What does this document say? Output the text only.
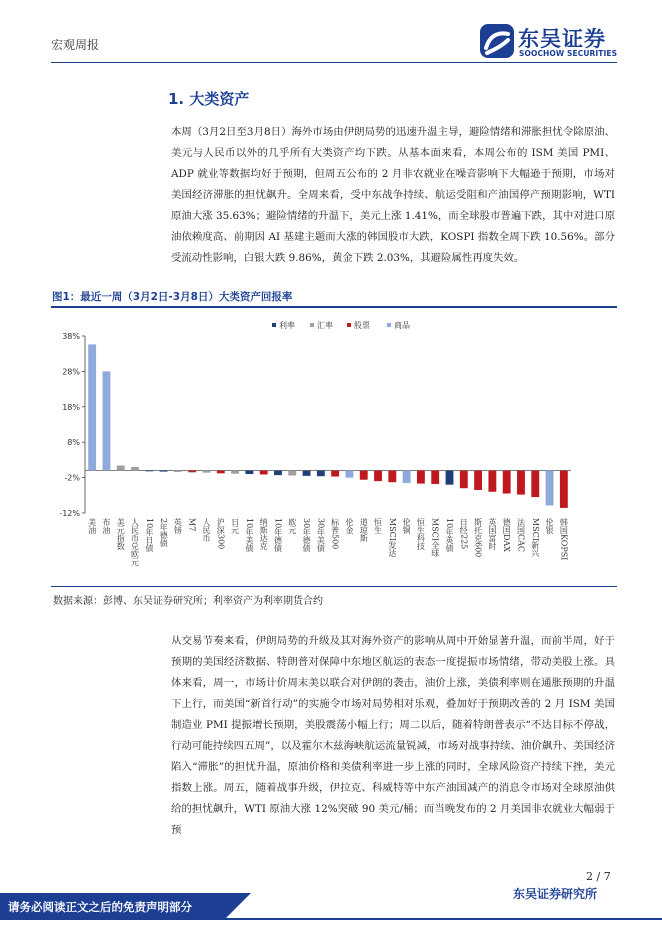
宏观周报	东吴证券
SOOCHOW SECURITIES
1. 大类资产
本周（3月2日至3月8日）海外市场由伊朗局势的迅速升温主导，避险情绪和滞胀担忧令除原油、美元与人民币以外的几乎所有大类资产均下跌。从基本面来看，本周公布的 ISM 美国 PMI、ADP 就业等数据均好于预期，但周五公布的 2 月非农就业在噪音影响下大幅逊于预期，市场对美国经济滞胀的担忧飙升。全周来看，受中东战争持续、航运受阻和产油国停产预期影响，WTI 原油大涨 35.63%；避险情绪的升温下，美元上涨 1.41%，而全球股市普遍下跌，其中对进口原油依赖度高、前期因 AI 基建主题而大涨的韩国股市大跌，KOSPI 指数全周下跌 10.56%。部分受流动性影响，白银大跌 9.86%，黄金下跌 2.03%，其避险属性再度失效。
图1：最近一周（3月2日-3月8日）大类资产回报率
利率	汇率	股票	商品
38%
28%
18%
8%
-2%
-12%
美油 布油 美元指数 人民币兑欧元 10年日债 2年德债 英镑 M7 人民币 沪深300 日元 10年美债 纳斯达克 10年德债 欧元 30年德债 30年美债 标普500 伦金 道琼斯 恒生 MSCI发达 伦铜 恒生科技 MSCI全球 10年英债 日经225 斯托克600 英国富时 德国DAX 法国CAC MSCI新兴 伦银 韩国KOPSI
数据来源：彭博、东吴证券研究所；利率资产为利率期货合约
从交易节奏来看，伊朗局势的升级及其对海外资产的影响从周中开始显著升温，而前半周，好于预期的美国经济数据、特朗普对保障中东地区航运的表态一度提振市场情绪，带动美股上涨。具体来看，周一，市场计价周末美以联合对伊朗的袭击，油价上涨，美债利率则在通胀预期的升温下上行，而美国“新首行动”的实施令市场对局势相对乐观，叠加好于预期改善的 2 月 ISM 美国制造业 PMI 提振增长预期，美股震荡小幅上行；周二以后，随着特朗普表示“不达目标不停战，行动可能持续四五周”，以及霍尔木兹海峡航运流量锐减，市场对战事持续、油价飙升、美国经济陷入“滞胀”的担忧升温，原油价格和美债利率进一步上涨的同时，全球风险资产持续下挫，美元指数上涨。周五，随着战事升级，伊拉克、科威特等中东产油国减产的消息令市场对全球原油供给的担忧飙升，WTI 原油大涨 12%突破 90 美元/桶；而当晚发布的 2 月美国非农就业大幅弱于预
2 / 7
东吴证券研究所
请务必阅读正文之后的免责声明部分
